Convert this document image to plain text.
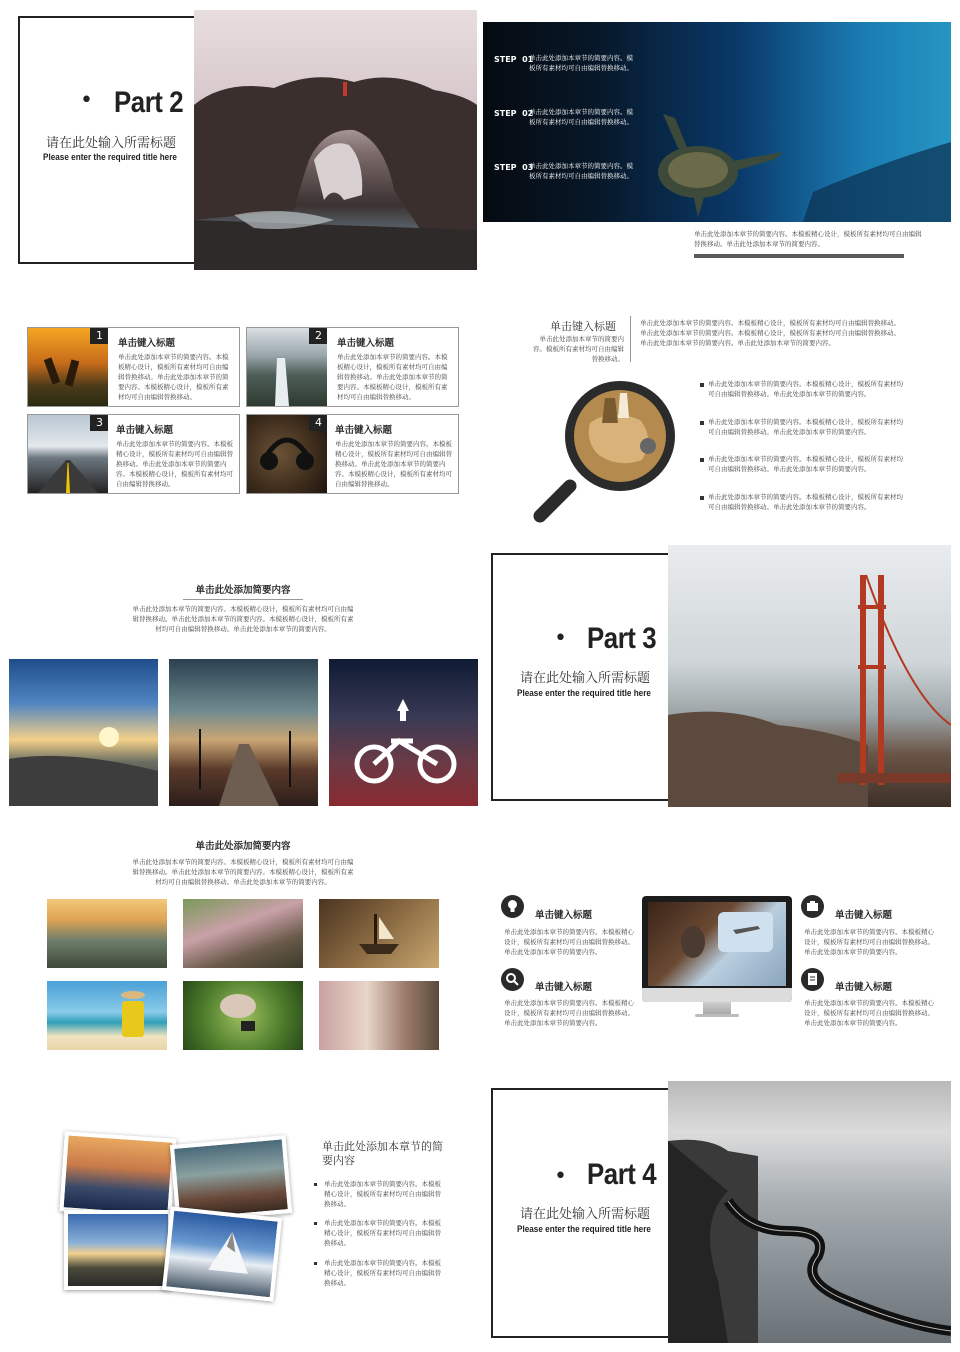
• Part 2
请在此处输入所需标题
Please enter the required title here
STEP  01
单击此处添加本章节的简要内容。模板所有素材均可自由编辑替换移动。
STEP  02
单击此处添加本章节的简要内容。模板所有素材均可自由编辑替换移动。
STEP  03
单击此处添加本章节的简要内容。模板所有素材均可自由编辑替换移动。
单击此处添加本章节的简要内容。本模板精心设计，模板所有素材均可自由编辑替换移动。单击此处添加本章节的简要内容。
1
单击键入标题
单击此处添加本章节的简要内容。本模板精心设计，模板所有素材均可自由编辑替换移动。单击此处添加本章节的简要内容。本模板精心设计，模板所有素材均可自由编辑替换移动。
2
单击键入标题
单击此处添加本章节的简要内容。本模板精心设计，模板所有素材均可自由编辑替换移动。单击此处添加本章节的简要内容。本模板精心设计，模板所有素材均可自由编辑替换移动。
3
单击键入标题
单击此处添加本章节的简要内容。本模板精心设计，模板所有素材均可自由编辑替换移动。单击此处添加本章节的简要内容。本模板精心设计，模板所有素材均可自由编辑替换移动。
4
单击键入标题
单击此处添加本章节的简要内容。本模板精心设计，模板所有素材均可自由编辑替换移动。单击此处添加本章节的简要内容。本模板精心设计，模板所有素材均可自由编辑替换移动。
单击键入标题
单击此处添加本章节的简要内容。模板所有素材均可自由编辑替换移动。
单击此处添加本章节的简要内容。本模板精心设计，模板所有素材均可自由编辑替换移动。单击此处添加本章节的简要内容。本模板精心设计，模板所有素材均可自由编辑替换移动。单击此处添加本章节的简要内容。单击此处添加本章节的简要内容。
单击此处添加本章节的简要内容。本模板精心设计，模板所有素材均可自由编辑替换移动。单击此处添加本章节的简要内容。
单击此处添加本章节的简要内容。本模板精心设计，模板所有素材均可自由编辑替换移动。单击此处添加本章节的简要内容。
单击此处添加本章节的简要内容。本模板精心设计，模板所有素材均可自由编辑替换移动。单击此处添加本章节的简要内容。
单击此处添加本章节的简要内容。本模板精心设计，模板所有素材均可自由编辑替换移动。单击此处添加本章节的简要内容。
单击此处添加简要内容
单击此处添加本章节的简要内容。本模板精心设计，模板所有素材均可自由编辑替换移动。单击此处添加本章节的简要内容。本模板精心设计，模板所有素材均可自由编辑替换移动。单击此处添加本章节的简要内容。	• Part 3
请在此处输入所需标题
Please enter the required title here
单击此处添加简要内容
单击此处添加本章节的简要内容。本模板精心设计，模板所有素材均可自由编辑替换移动。单击此处添加本章节的简要内容。本模板精心设计，模板所有素材均可自由编辑替换移动。单击此处添加本章节的简要内容。
单击键入标题
单击此处添加本章节的简要内容。本模板精心设计，模板所有素材均可自由编辑替换移动。单击此处添加本章节的简要内容。
单击键入标题
单击此处添加本章节的简要内容。本模板精心设计，模板所有素材均可自由编辑替换移动。单击此处添加本章节的简要内容。
单击键入标题
单击此处添加本章节的简要内容。本模板精心设计，模板所有素材均可自由编辑替换移动。单击此处添加本章节的简要内容。
单击键入标题
单击此处添加本章节的简要内容。本模板精心设计，模板所有素材均可自由编辑替换移动。单击此处添加本章节的简要内容。
单击此处添加本章节的简要内容
单击此处添加本章节的简要内容。本模板精心设计，模板所有素材均可自由编辑替换移动。
单击此处添加本章节的简要内容。本模板精心设计，模板所有素材均可自由编辑替换移动。
单击此处添加本章节的简要内容。本模板精心设计，模板所有素材均可自由编辑替换移动。
• Part 4
请在此处输入所需标题
Please enter the required title here
